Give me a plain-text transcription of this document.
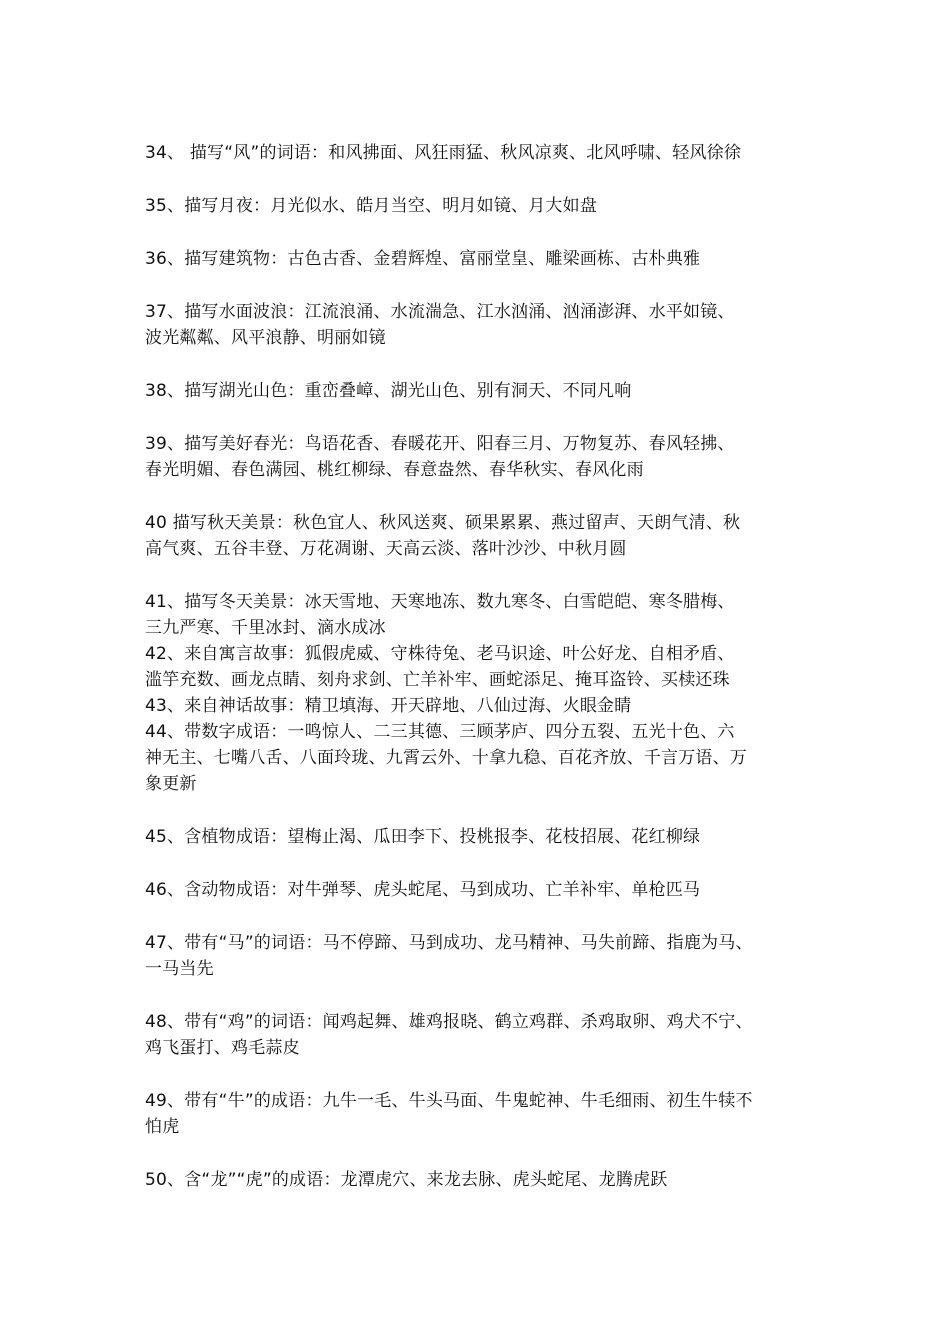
34、 描写“风”的词语：和风拂面、风狂雨猛、秋风凉爽、北风呼啸、轻风徐徐
35、描写月夜：月光似水、皓月当空、明月如镜、月大如盘
36、描写建筑物：古色古香、金碧辉煌、富丽堂皇、雕梁画栋、古朴典雅
37、描写水面波浪：江流浪涌、水流湍急、江水汹涌、汹涌澎湃、水平如镜、
波光粼粼、风平浪静、明丽如镜
38、描写湖光山色：重峦叠嶂、湖光山色、别有洞天、不同凡响
39、描写美好春光：鸟语花香、春暖花开、阳春三月、万物复苏、春风轻拂、
春光明媚、春色满园、桃红柳绿、春意盎然、春华秋实、春风化雨
40 描写秋天美景：秋色宜人、秋风送爽、硕果累累、燕过留声、天朗气清、秋
高气爽、五谷丰登、万花凋谢、天高云淡、落叶沙沙、中秋月圆
41、描写冬天美景：冰天雪地、天寒地冻、数九寒冬、白雪皑皑、寒冬腊梅、
三九严寒、千里冰封、滴水成冰
42、来自寓言故事：狐假虎威、守株待兔、老马识途、叶公好龙、自相矛盾、
滥竽充数、画龙点睛、刻舟求剑、亡羊补牢、画蛇添足、掩耳盗铃、买椟还珠
43、来自神话故事：精卫填海、开天辟地、八仙过海、火眼金睛
44、带数字成语：一鸣惊人、二三其德、三顾茅庐、四分五裂、五光十色、六
神无主、七嘴八舌、八面玲珑、九霄云外、十拿九稳、百花齐放、千言万语、万
象更新
45、含植物成语：望梅止渴、瓜田李下、投桃报李、花枝招展、花红柳绿
46、含动物成语：对牛弹琴、虎头蛇尾、马到成功、亡羊补牢、单枪匹马
47、带有“马”的词语：马不停蹄、马到成功、龙马精神、马失前蹄、指鹿为马、
一马当先
48、带有“鸡”的词语：闻鸡起舞、雄鸡报晓、鹤立鸡群、杀鸡取卵、鸡犬不宁、
鸡飞蛋打、鸡毛蒜皮
49、带有“牛”的成语：九牛一毛、牛头马面、牛鬼蛇神、牛毛细雨、初生牛犊不
怕虎
50、含“龙”“虎”的成语：龙潭虎穴、来龙去脉、虎头蛇尾、龙腾虎跃
